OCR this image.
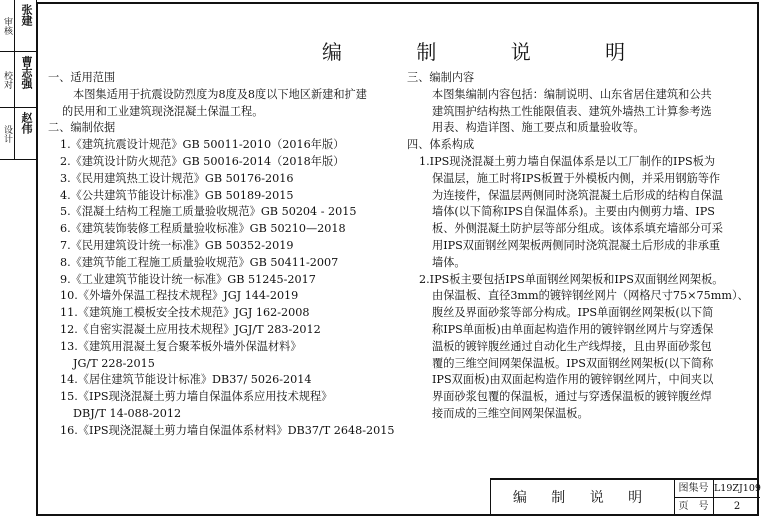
审核 张建
校对 曹志强
设计 赵伟
编 制 说 明

一、适用范围

本图集适用于抗震设防烈度为8度及8度以下地区新建和扩建

的民用和工业建筑现浇混凝土保温工程。

二、编制依据

1.《建筑抗震设计规范》GB 50011-2010（2016年版）

2.《建筑设计防火规范》GB 50016-2014（2018年版）

3.《民用建筑热工设计规范》GB 50176-2016

4.《公共建筑节能设计标准》GB 50189-2015

5.《混凝土结构工程施工质量验收规范》GB 50204 - 2015

6.《建筑装饰装修工程质量验收标准》GB 50210—2018

7.《民用建筑设计统一标准》GB 50352-2019

8.《建筑节能工程施工质量验收规范》GB 50411-2007

9.《工业建筑节能设计统一标准》GB 51245-2017

10.《外墙外保温工程技术规程》JGJ 144-2019

11.《建筑施工模板安全技术规范》JGJ 162-2008

12.《自密实混凝土应用技术规程》JGJ/T 283-2012

13.《建筑用混凝土复合聚苯板外墙外保温材料》

JG/T 228-2015

14.《居住建筑节能设计标准》DB37/ 5026-2014

15.《IPS现浇混凝土剪力墙自保温体系应用技术规程》

DBJ/T 14-088-2012

16.《IPS现浇混凝土剪力墙自保温体系材料》DB37/T 2648-2015

三、编制内容

本图集编制内容包括：编制说明、山东省居住建筑和公共

建筑围护结构热工性能限值表、建筑外墙热工计算参考选

用表、构造详图、施工要点和质量验收等。

四、体系构成

1.IPS现浇混凝土剪力墙自保温体系是以工厂制作的IPS板为

保温层，施工时将IPS板置于外模板内侧，并采用钢筋等作

为连接件，保温层两侧同时浇筑混凝土后形成的结构自保温

墙体(以下简称IPS自保温体系)。主要由内侧剪力墙、IPS

板、外侧混凝土防护层等部分组成。该体系填充墙部分可采

用IPS双面钢丝网架板两侧同时浇筑混凝土后形成的非承重

墙体。

2.IPS板主要包括IPS单面钢丝网架板和IPS双面钢丝网架板。

由保温板、直径3mm的镀锌钢丝网片（网格尺寸75×75mm）、

腹丝及界面砂浆等部分构成。IPS单面钢丝网架板(以下简

称IPS单面板)由单面起构造作用的镀锌钢丝网片与穿透保

温板的镀锌腹丝通过自动化生产线焊接，且由界面砂浆包

覆的三维空间网架保温板。IPS双面钢丝网架板(以下简称

IPS双面板)由双面起构造作用的镀锌钢丝网片，中间夹以

界面砂浆包覆的保温板，通过与穿透保温板的镀锌腹丝焊

接而成的三维空间网架保温板。

编 制 说 明
图集号 L19ZJ109
页　号	2
